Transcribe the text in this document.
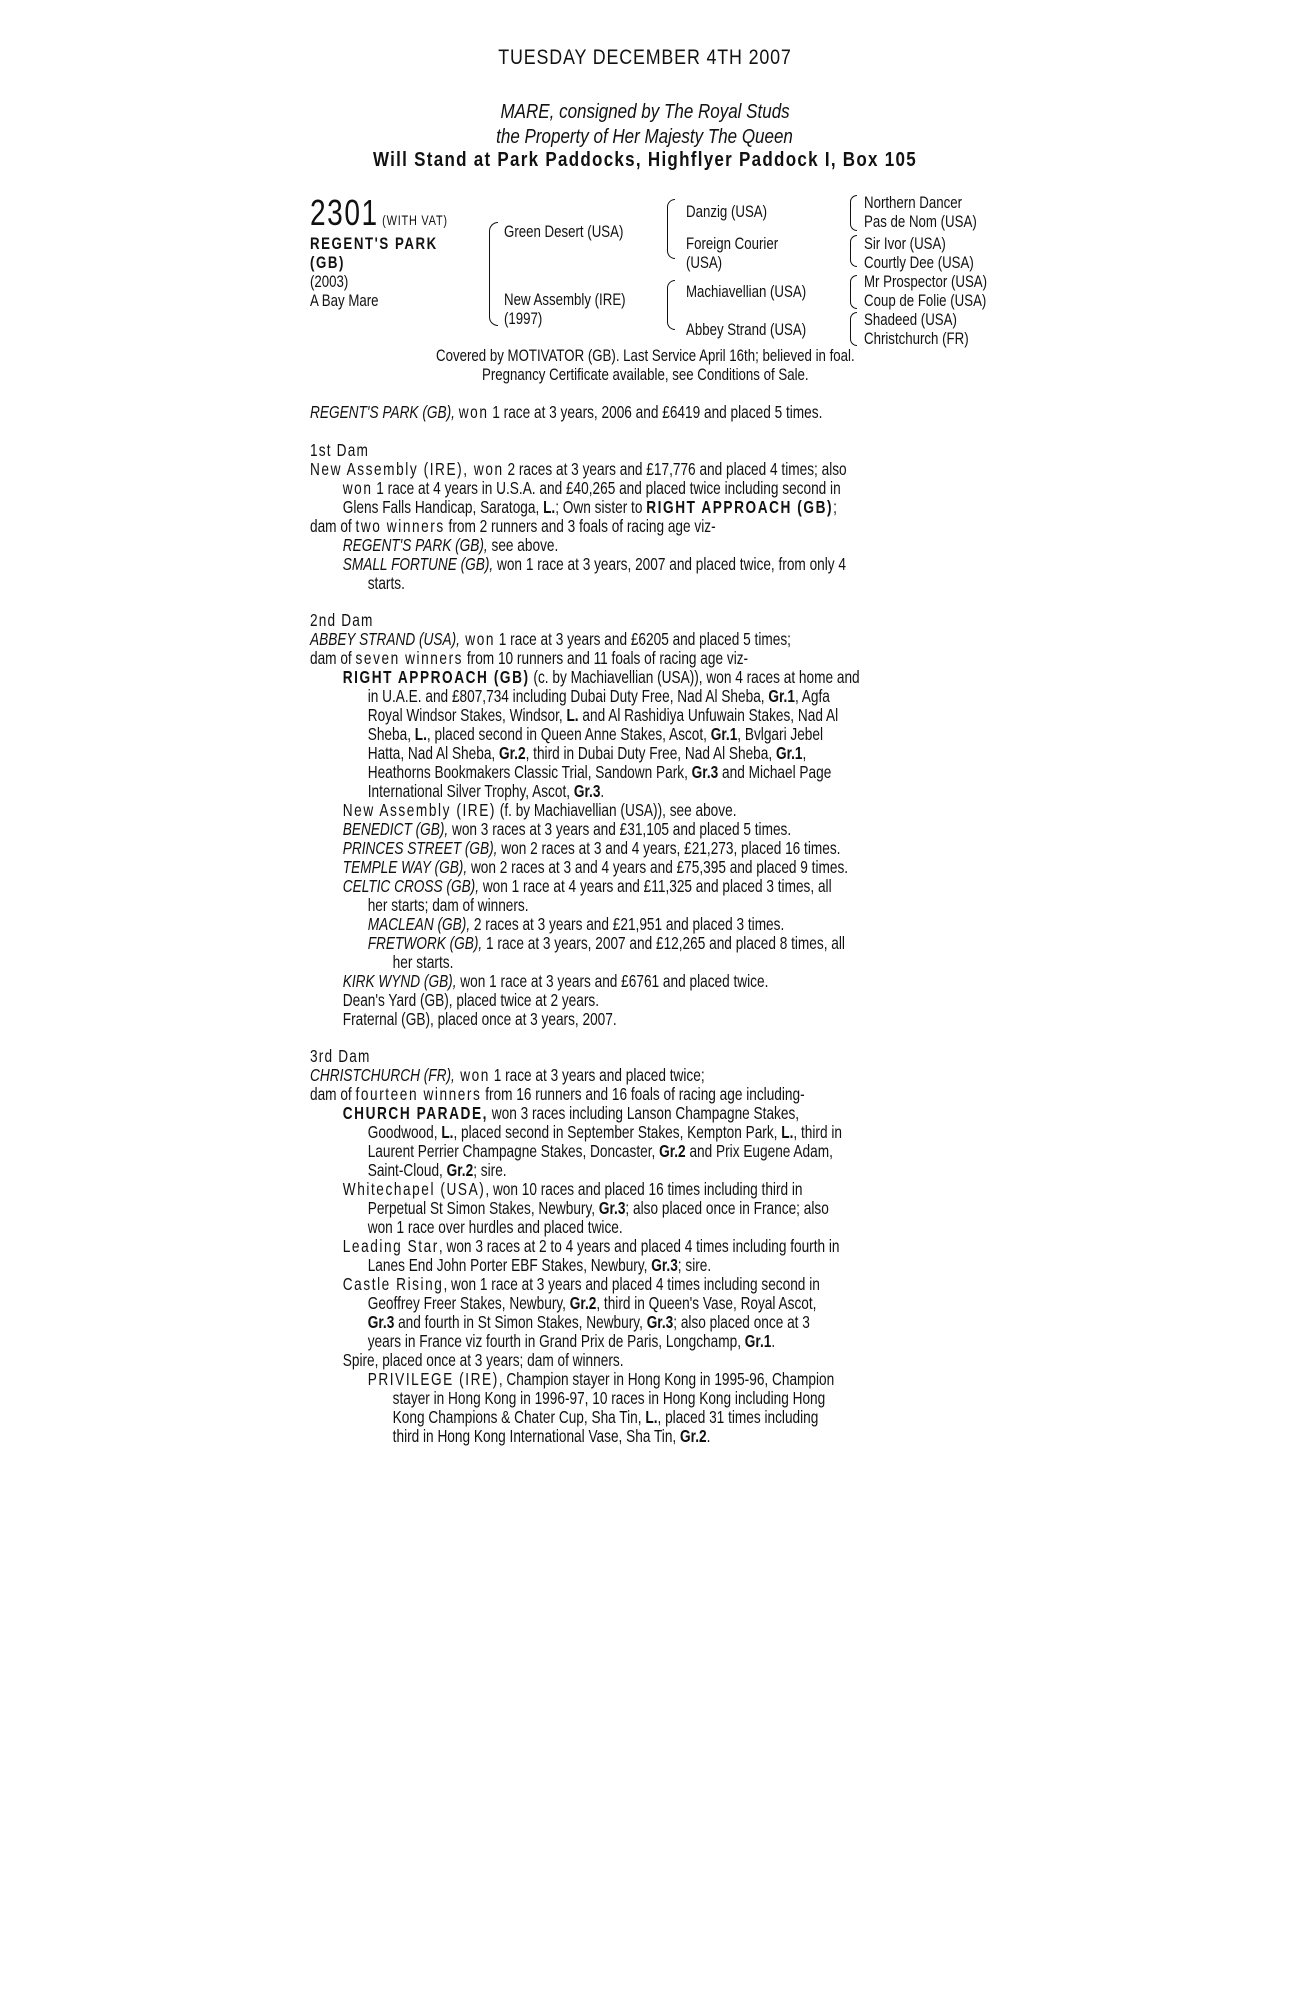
TUESDAY DECEMBER 4TH 2007
MARE, consigned by The Royal Studs
the Property of Her Majesty The Queen
Will Stand at Park Paddocks, Highflyer Paddock I, Box 105
2301 (WITH VAT)
REGENT'S PARK
(GB)
(2003)
A Bay Mare
Green Desert (USA)
New Assembly (IRE)
(1997)
Danzig (USA)
Foreign Courier
(USA)
Machiavellian (USA)
Abbey Strand (USA)
Northern Dancer
Pas de Nom (USA)
Sir Ivor (USA)
Courtly Dee (USA)
Mr Prospector (USA)
Coup de Folie (USA)
Shadeed (USA)
Christchurch (FR)
Covered by MOTIVATOR (GB). Last Service April 16th; believed in foal.
Pregnancy Certificate available, see Conditions of Sale.

REGENT'S PARK (GB), won 1 race at 3 years, 2006 and £6419 and placed 5 times.

1st Dam

New Assembly (IRE), won 2 races at 3 years and £17,776 and placed 4 times; also

won 1 race at 4 years in U.S.A. and £40,265 and placed twice including second in

Glens Falls Handicap, Saratoga, L.; Own sister to RIGHT APPROACH (GB);

dam of two winners from 2 runners and 3 foals of racing age viz-

REGENT'S PARK (GB), see above.

SMALL FORTUNE (GB), won 1 race at 3 years, 2007 and placed twice, from only 4

starts.

2nd Dam

ABBEY STRAND (USA), won 1 race at 3 years and £6205 and placed 5 times;

dam of seven winners from 10 runners and 11 foals of racing age viz-

RIGHT APPROACH (GB) (c. by Machiavellian (USA)), won 4 races at home and

in U.A.E. and £807,734 including Dubai Duty Free, Nad Al Sheba, Gr.1, Agfa

Royal Windsor Stakes, Windsor, L. and Al Rashidiya Unfuwain Stakes, Nad Al

Sheba, L., placed second in Queen Anne Stakes, Ascot, Gr.1, Bvlgari Jebel

Hatta, Nad Al Sheba, Gr.2, third in Dubai Duty Free, Nad Al Sheba, Gr.1,

Heathorns Bookmakers Classic Trial, Sandown Park, Gr.3 and Michael Page

International Silver Trophy, Ascot, Gr.3.

New Assembly (IRE) (f. by Machiavellian (USA)), see above.

BENEDICT (GB), won 3 races at 3 years and £31,105 and placed 5 times.

PRINCES STREET (GB), won 2 races at 3 and 4 years, £21,273, placed 16 times.

TEMPLE WAY (GB), won 2 races at 3 and 4 years and £75,395 and placed 9 times.

CELTIC CROSS (GB), won 1 race at 4 years and £11,325 and placed 3 times, all

her starts; dam of winners.

MACLEAN (GB), 2 races at 3 years and £21,951 and placed 3 times.

FRETWORK (GB), 1 race at 3 years, 2007 and £12,265 and placed 8 times, all

her starts.

KIRK WYND (GB), won 1 race at 3 years and £6761 and placed twice.

Dean's Yard (GB), placed twice at 2 years.

Fraternal (GB), placed once at 3 years, 2007.

3rd Dam

CHRISTCHURCH (FR), won 1 race at 3 years and placed twice;

dam of fourteen winners from 16 runners and 16 foals of racing age including-

CHURCH PARADE, won 3 races including Lanson Champagne Stakes,

Goodwood, L., placed second in September Stakes, Kempton Park, L., third in

Laurent Perrier Champagne Stakes, Doncaster, Gr.2 and Prix Eugene Adam,

Saint-Cloud, Gr.2; sire.

Whitechapel (USA), won 10 races and placed 16 times including third in

Perpetual St Simon Stakes, Newbury, Gr.3; also placed once in France; also

won 1 race over hurdles and placed twice.

Leading Star, won 3 races at 2 to 4 years and placed 4 times including fourth in

Lanes End John Porter EBF Stakes, Newbury, Gr.3; sire.

Castle Rising, won 1 race at 3 years and placed 4 times including second in

Geoffrey Freer Stakes, Newbury, Gr.2, third in Queen's Vase, Royal Ascot,

Gr.3 and fourth in St Simon Stakes, Newbury, Gr.3; also placed once at 3

years in France viz fourth in Grand Prix de Paris, Longchamp, Gr.1.

Spire, placed once at 3 years; dam of winners.

PRIVILEGE (IRE), Champion stayer in Hong Kong in 1995-96, Champion

stayer in Hong Kong in 1996-97, 10 races in Hong Kong including Hong

Kong Champions & Chater Cup, Sha Tin, L., placed 31 times including

third in Hong Kong International Vase, Sha Tin, Gr.2.
